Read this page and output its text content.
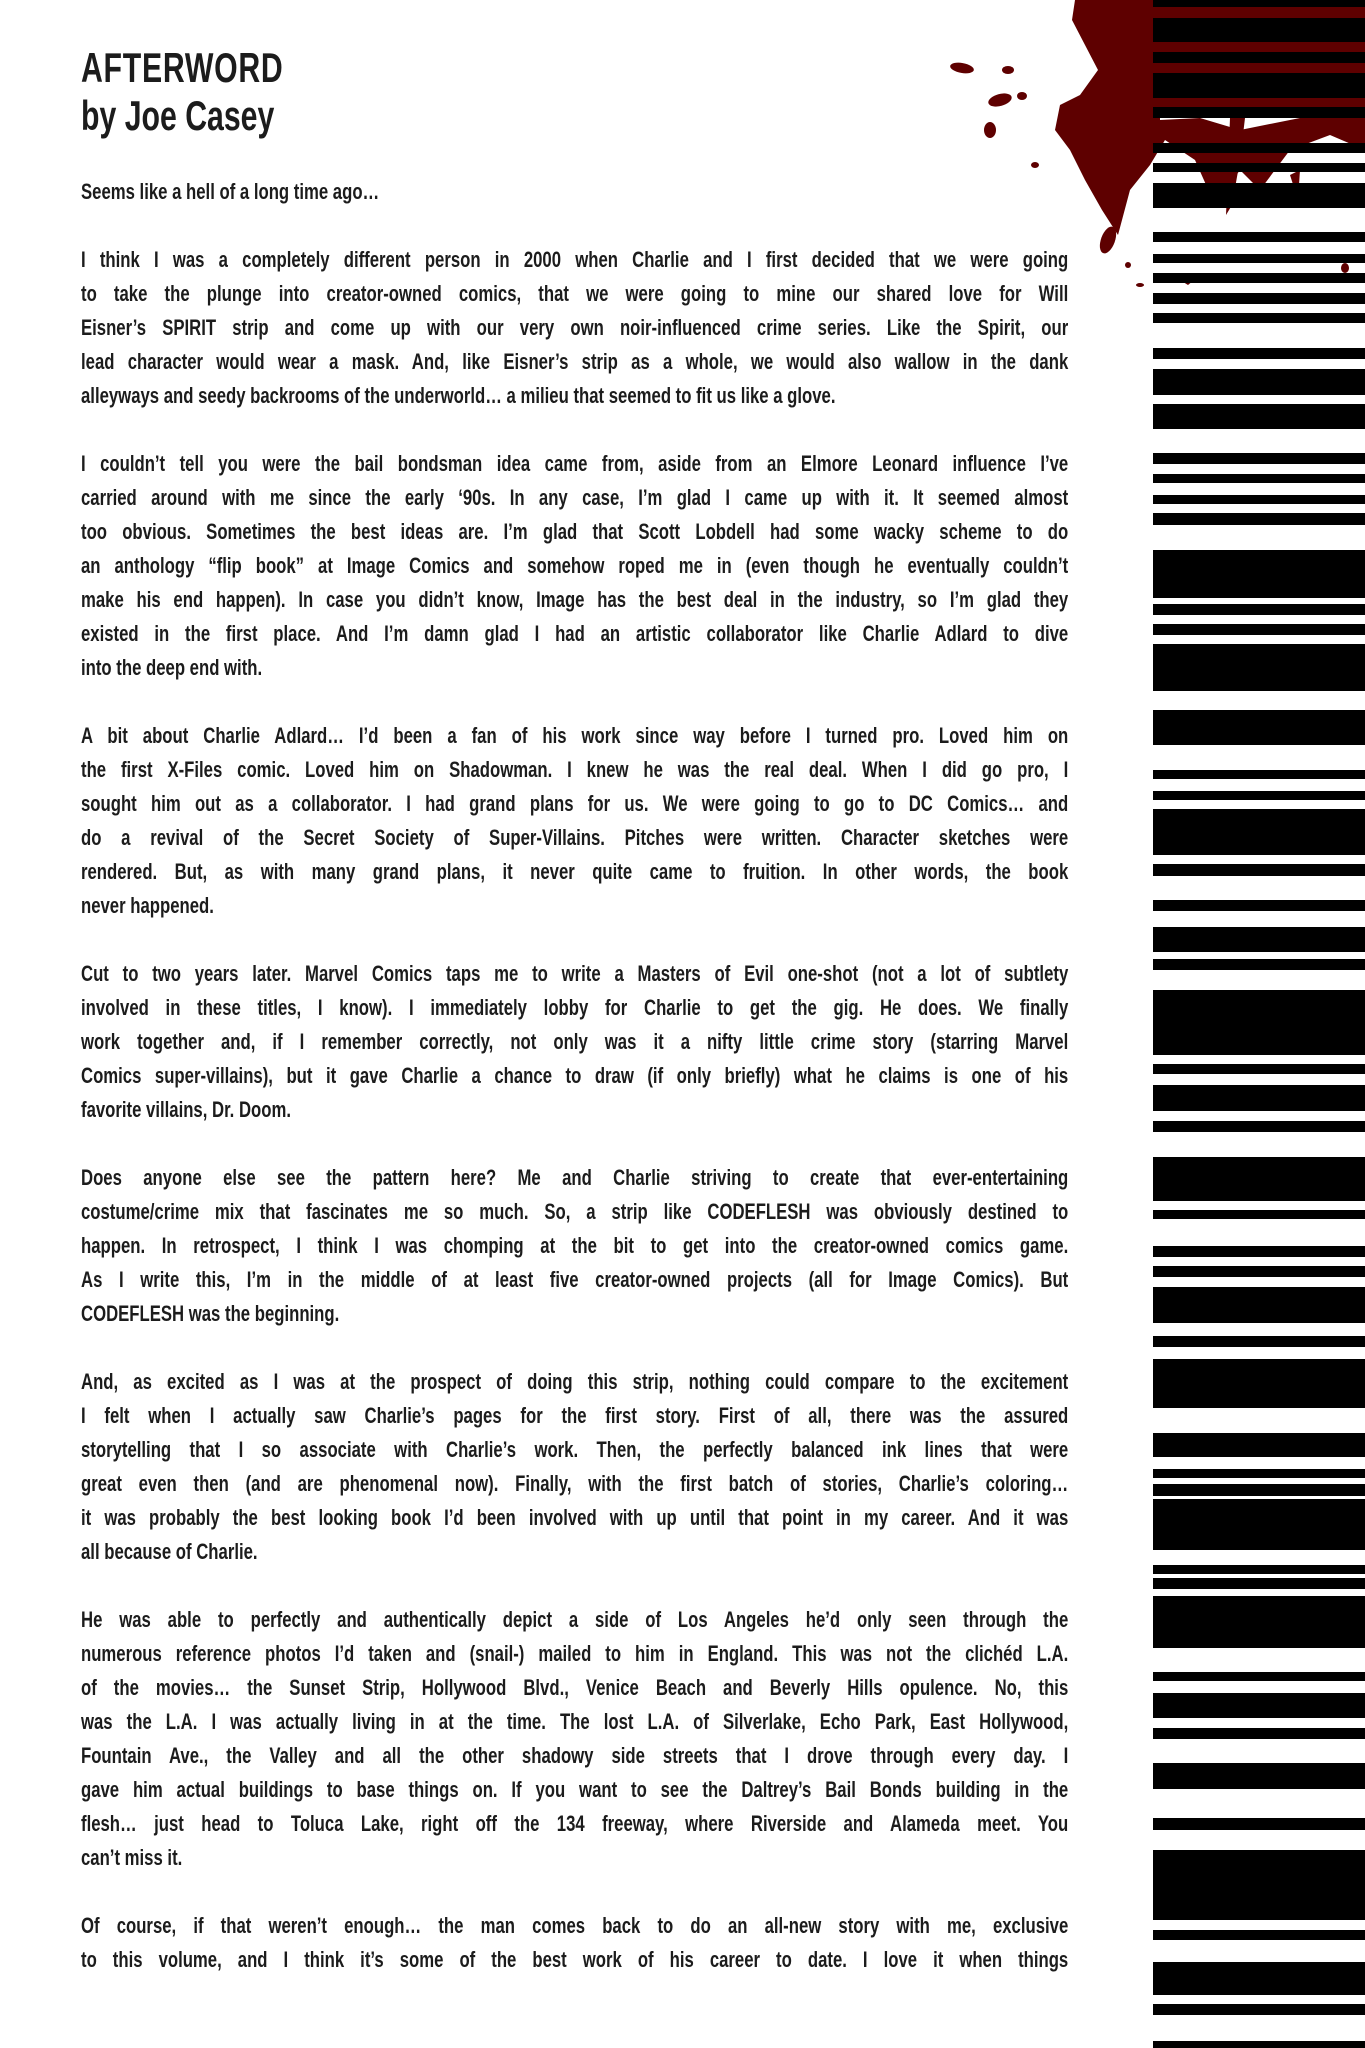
AFTERWORD
by Joe Casey
Seems like a hell of a long time ago…
I think I was a completely different person in 2000 when Charlie and I first decided that we were going
to take the plunge into creator-owned comics, that we were going to mine our shared love for Will
Eisner’s SPIRIT strip and come up with our very own noir-influenced crime series. Like the Spirit, our
lead character would wear a mask. And, like Eisner’s strip as a whole, we would also wallow in the dank
alleyways and seedy backrooms of the underworld… a milieu that seemed to fit us like a glove.
I couldn’t tell you were the bail bondsman idea came from, aside from an Elmore Leonard influence I’ve
carried around with me since the early ‘90s. In any case, I’m glad I came up with it. It seemed almost
too obvious. Sometimes the best ideas are. I’m glad that Scott Lobdell had some wacky scheme to do
an anthology “flip book” at Image Comics and somehow roped me in (even though he eventually couldn’t
make his end happen). In case you didn’t know, Image has the best deal in the industry, so I’m glad they
existed in the first place. And I’m damn glad I had an artistic collaborator like Charlie Adlard to dive
into the deep end with.
A bit about Charlie Adlard… I’d been a fan of his work since way before I turned pro. Loved him on
the first X-Files comic. Loved him on Shadowman. I knew he was the real deal. When I did go pro, I
sought him out as a collaborator. I had grand plans for us. We were going to go to DC Comics… and
do a revival of the Secret Society of Super-Villains. Pitches were written. Character sketches were
rendered. But, as with many grand plans, it never quite came to fruition. In other words, the book
never happened.
Cut to two years later. Marvel Comics taps me to write a Masters of Evil one-shot (not a lot of subtlety
involved in these titles, I know). I immediately lobby for Charlie to get the gig. He does. We finally
work together and, if I remember correctly, not only was it a nifty little crime story (starring Marvel
Comics super-villains), but it gave Charlie a chance to draw (if only briefly) what he claims is one of his
favorite villains, Dr. Doom.
Does anyone else see the pattern here? Me and Charlie striving to create that ever-entertaining
costume/crime mix that fascinates me so much. So, a strip like CODEFLESH was obviously destined to
happen. In retrospect, I think I was chomping at the bit to get into the creator-owned comics game.
As I write this, I’m in the middle of at least five creator-owned projects (all for Image Comics). But
CODEFLESH was the beginning.
And, as excited as I was at the prospect of doing this strip, nothing could compare to the excitement
I felt when I actually saw Charlie’s pages for the first story. First of all, there was the assured
storytelling that I so associate with Charlie’s work. Then, the perfectly balanced ink lines that were
great even then (and are phenomenal now). Finally, with the first batch of stories, Charlie’s coloring…
it was probably the best looking book I’d been involved with up until that point in my career. And it was
all because of Charlie.
He was able to perfectly and authentically depict a side of Los Angeles he’d only seen through the
numerous reference photos I’d taken and (snail-) mailed to him in England. This was not the clichéd L.A.
of the movies… the Sunset Strip, Hollywood Blvd., Venice Beach and Beverly Hills opulence. No, this
was the L.A. I was actually living in at the time. The lost L.A. of Silverlake, Echo Park, East Hollywood,
Fountain Ave., the Valley and all the other shadowy side streets that I drove through every day. I
gave him actual buildings to base things on. If you want to see the Daltrey’s Bail Bonds building in the
flesh… just head to Toluca Lake, right off the 134 freeway, where Riverside and Alameda meet. You
can’t miss it.
Of course, if that weren’t enough… the man comes back to do an all-new story with me, exclusive
to this volume, and I think it’s some of the best work of his career to date. I love it when things
